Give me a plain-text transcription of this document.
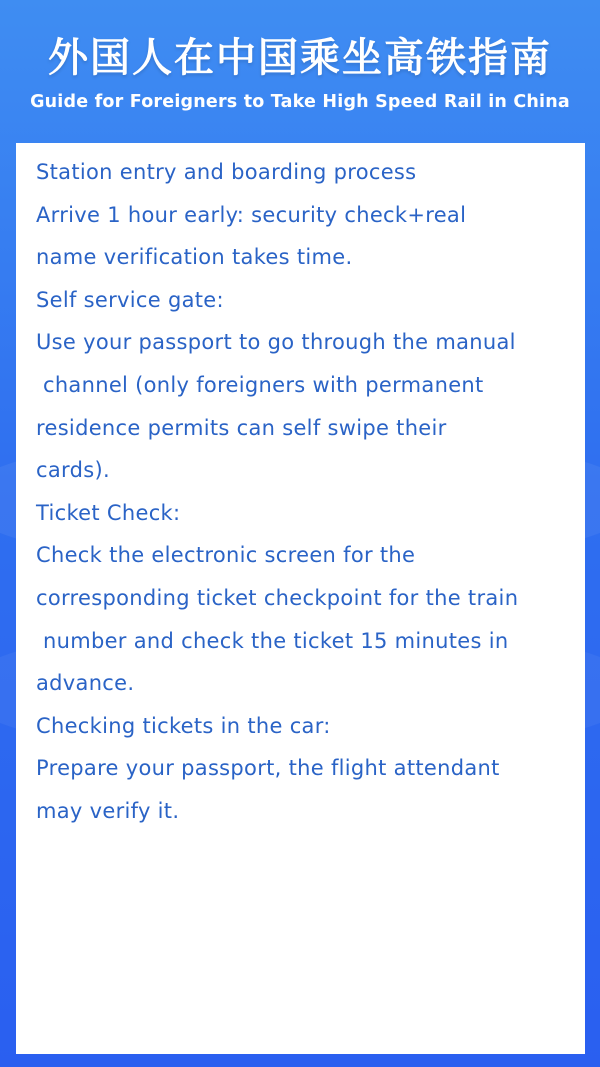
外国人在中国乘坐高铁指南
Guide for Foreigners to Take High Speed Rail in China
Station entry and boarding process
Arrive 1 hour early: security check+real
name verification takes time.
Self service gate:
Use your passport to go through the manual
channel (only foreigners with permanent
residence permits can self swipe their
cards).
Ticket Check:
Check the electronic screen for the
corresponding ticket checkpoint for the train
number and check the ticket 15 minutes in
advance.
Checking tickets in the car:
Prepare your passport, the flight attendant
may verify it.
